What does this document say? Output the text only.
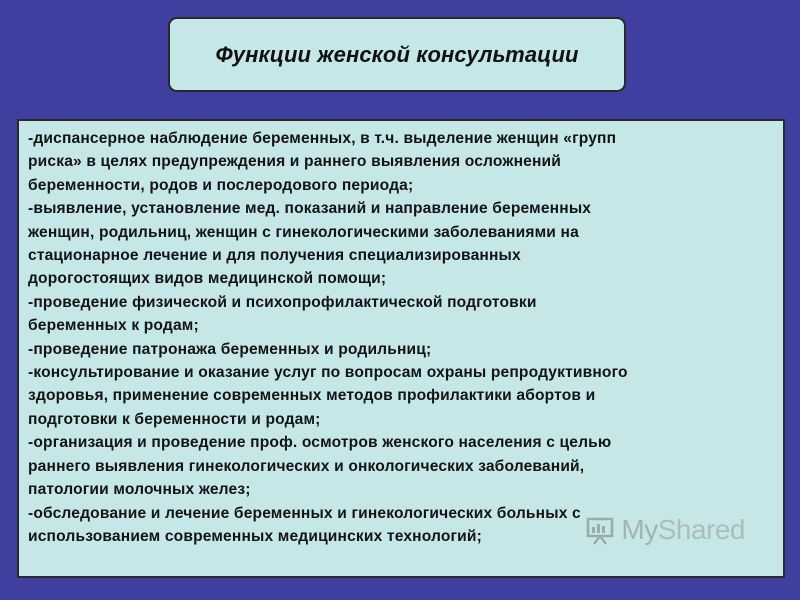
Функции женской консультации
-диспансерное наблюдение беременных, в т.ч. выделение женщин «групп
риска» в целях предупреждения и раннего выявления осложнений
беременности, родов и послеродового периода;
-выявление, установление мед. показаний и направление беременных
женщин, родильниц, женщин с гинекологическими заболеваниями на
стационарное лечение и для получения специализированных
дорогостоящих видов медицинской помощи;
-проведение физической и психопрофилактической подготовки
беременных к родам;
-проведение патронажа беременных и родильниц;
-консультирование и оказание услуг по вопросам охраны репродуктивного
здоровья, применение современных методов профилактики абортов и
подготовки к беременности и родам;
-организация и проведение проф. осмотров женского населения с целью
раннего выявления гинекологических и онкологических заболеваний,
патологии молочных желез;
-обследование и лечение беременных и гинекологических больных с
использованием современных медицинских технологий;	MyShared
